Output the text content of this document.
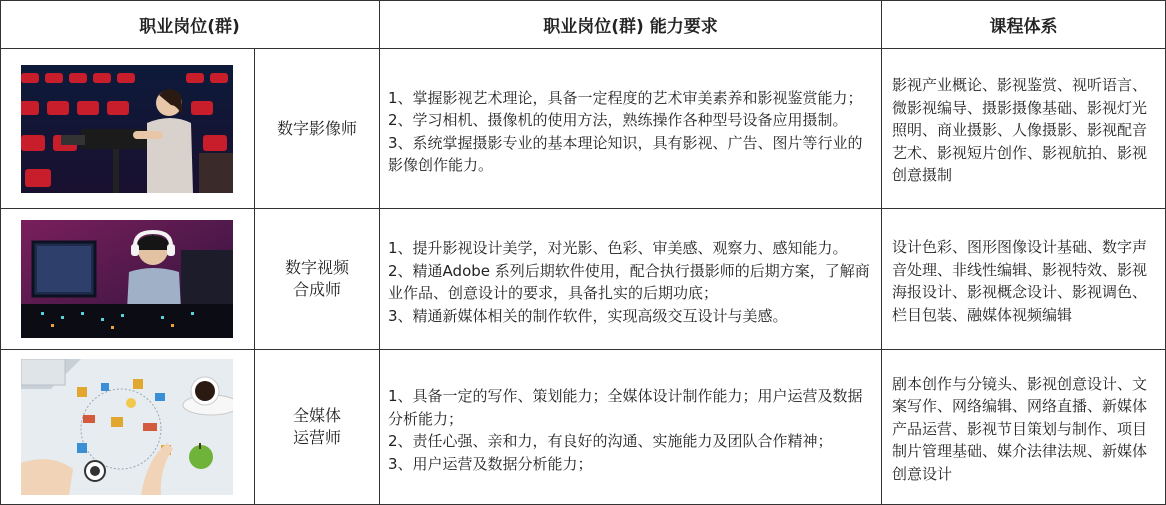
职业岗位(群)	职业岗位(群) 能力要求	课程体系
数字影像师

1、掌握影视艺术理论，具备一定程度的艺术审美素养和影视鉴赏能力；

2、学习相机、摄像机的使用方法，熟练操作各种型号设备应用摄制。

3、系统掌握摄影专业的基本理论知识，具有影视、广告、图片等行业的影像创作能力。

影视产业概论、影视鉴赏、视听语言、微影视编导、摄影摄像基础、影视灯光照明、商业摄影、人像摄影、影视配音艺术、影视短片创作、影视航拍、影视创意摄制

数字视频
合成师

1、提升影视设计美学，对光影、色彩、审美感、观察力、感知能力。

2、精通Adobe 系列后期软件使用，配合执行摄影师的后期方案，了解商业作品、创意设计的要求，具备扎实的后期功底；

3、精通新媒体相关的制作软件，实现高级交互设计与美感。

设计色彩、图形图像设计基础、数字声音处理、非线性编辑、影视特效、影视海报设计、影视概念设计、影视调色、栏目包装、融媒体视频编辑

全媒体
运营师

1、具备一定的写作、策划能力；全媒体设计制作能力；用户运营及数据分析能力；

2、责任心强、亲和力，有良好的沟通、实施能力及团队合作精神；

3、用户运营及数据分析能力；

剧本创作与分镜头、影视创意设计、文案写作、网络编辑、网络直播、新媒体产品运营、影视节目策划与制作、项目制片管理基础、媒介法律法规、新媒体创意设计
